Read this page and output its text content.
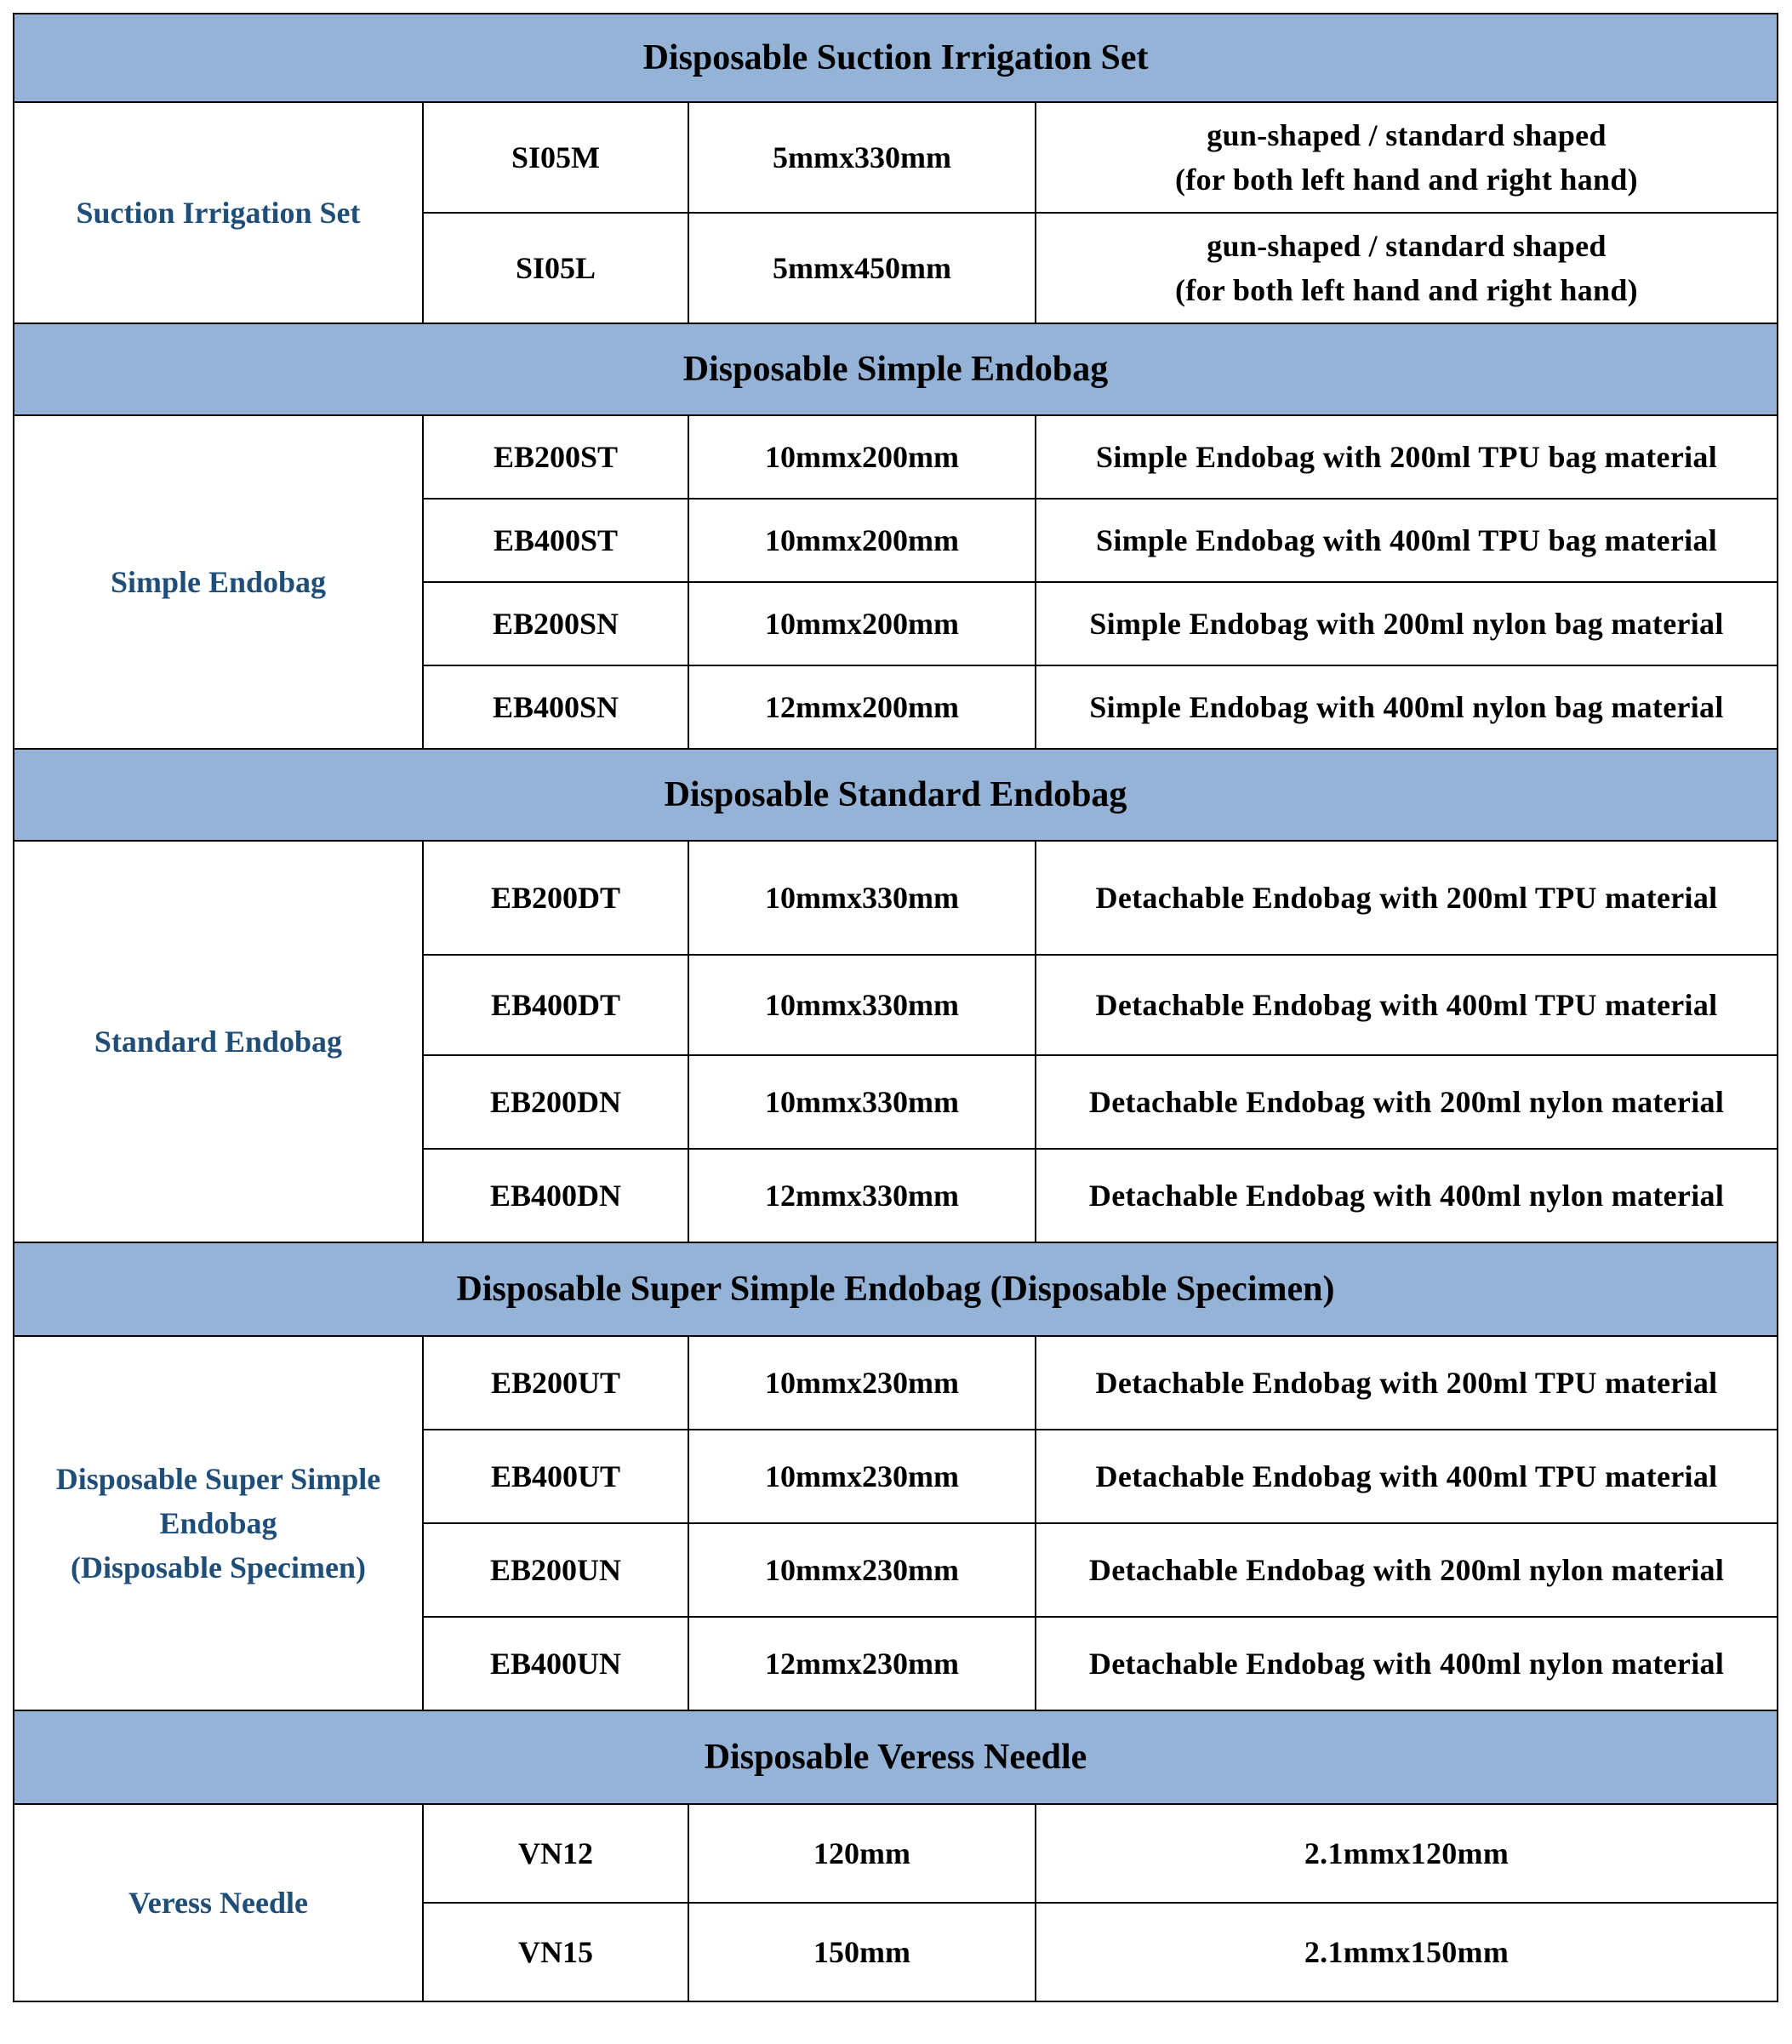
Disposable Suction Irrigation Set			

Suction Irrigation Set	SI05M	5mmx330mm	gun-shaped / standard shaped
(for both left hand and right hand)

	SI05L	5mmx450mm	gun-shaped / standard shaped
(for both left hand and right hand)

Disposable Simple Endobag			

Simple Endobag	EB200ST	10mmx200mm	Simple Endobag with 200ml TPU bag material

	EB400ST	10mmx200mm	Simple Endobag with 400ml TPU bag material

	EB200SN	10mmx200mm	Simple Endobag with 200ml nylon bag material

	EB400SN	12mmx200mm	Simple Endobag with 400ml nylon bag material

Disposable Standard Endobag			

Standard Endobag	EB200DT	10mmx330mm	Detachable Endobag with 200ml TPU material

	EB400DT	10mmx330mm	Detachable Endobag with 400ml TPU material

	EB200DN	10mmx330mm	Detachable Endobag with 200ml nylon material

	EB400DN	12mmx330mm	Detachable Endobag with 400ml nylon material

Disposable Super Simple Endobag (Disposable Specimen)			

Disposable Super Simple
Endobag
(Disposable Specimen)	EB200UT	10mmx230mm	Detachable Endobag with 200ml TPU material

	EB400UT	10mmx230mm	Detachable Endobag with 400ml TPU material

	EB200UN	10mmx230mm	Detachable Endobag with 200ml nylon material

	EB400UN	12mmx230mm	Detachable Endobag with 400ml nylon material

Disposable Veress Needle			

Veress Needle	VN12	120mm	2.1mmx120mm

	VN15	150mm	2.1mmx150mm
